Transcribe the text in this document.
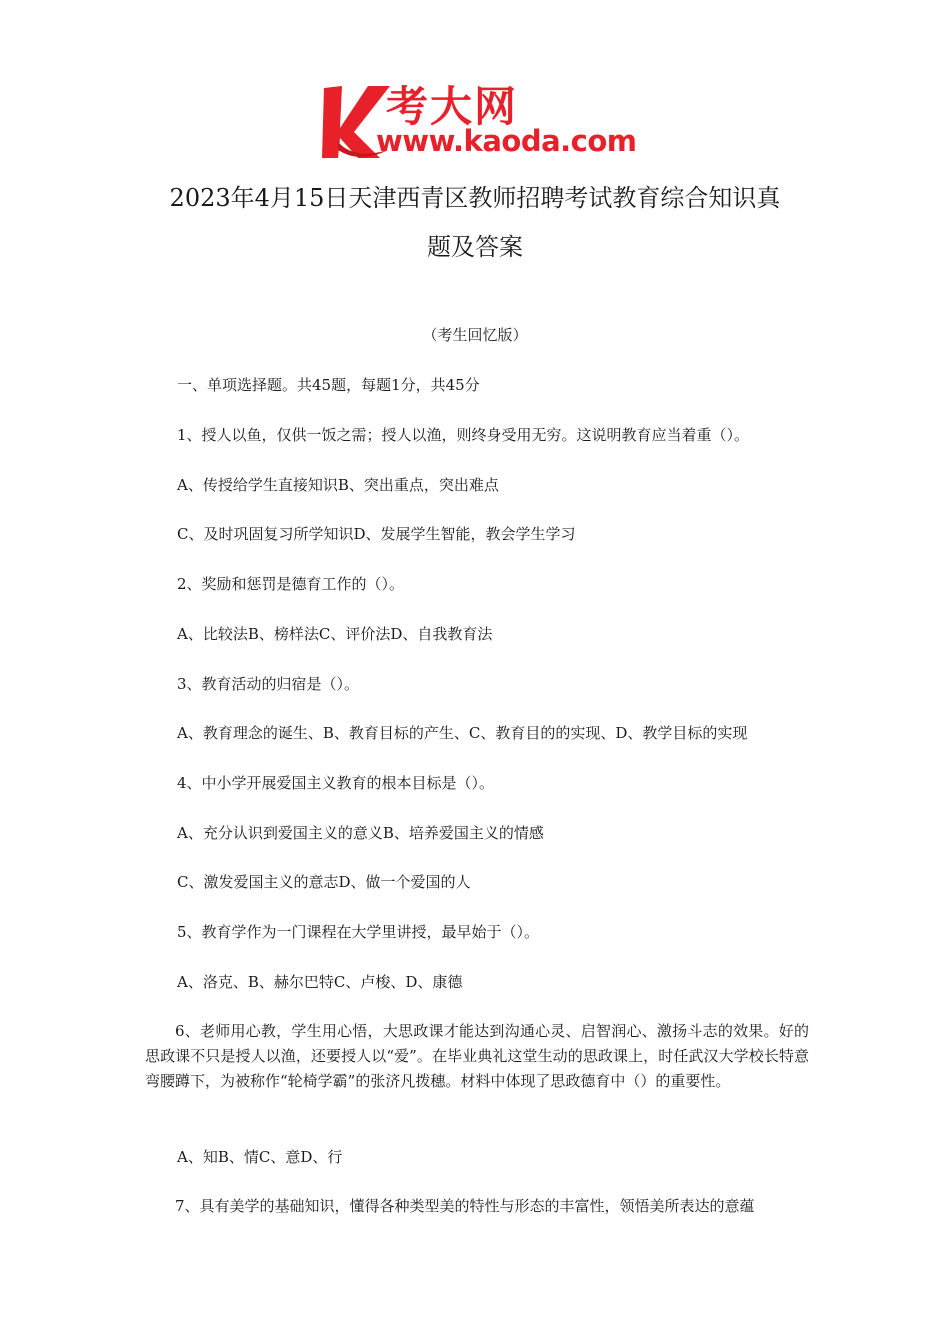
考大网
www.kaoda.com
2023年4月15日天津西青区教师招聘考试教育综合知识真
题及答案
（考生回忆版）
一、单项选择题。共45题，每题1分，共45分
1、授人以鱼，仅供一饭之需；授人以渔，则终身受用无穷。这说明教育应当着重（）。
A、传授给学生直接知识B、突出重点，突出难点
C、及时巩固复习所学知识D、发展学生智能，教会学生学习
2、奖励和惩罚是德育工作的（）。
A、比较法B、榜样法C、评价法D、自我教育法
3、教育活动的归宿是（）。
A、教育理念的诞生、B、教育目标的产生、C、教育目的的实现、D、教学目标的实现
4、中小学开展爱国主义教育的根本目标是（）。
A、充分认识到爱国主义的意义B、培养爱国主义的情感
C、激发爱国主义的意志D、做一个爱国的人
5、教育学作为一门课程在大学里讲授，最早始于（）。
A、洛克、B、赫尔巴特C、卢梭、D、康德
6、老师用心教，学生用心悟，大思政课才能达到沟通心灵、启智润心、激扬斗志的效果。好的思政课不只是授人以渔，还要授人以“爱”。在毕业典礼这堂生动的思政课上，时任武汉大学校长特意弯腰蹲下，为被称作“轮椅学霸”的张济凡拨穗。材料中体现了思政德育中（）的重要性。
A、知B、情C、意D、行
7、具有美学的基础知识，懂得各种类型美的特性与形态的丰富性，领悟美所表达的意蕴
